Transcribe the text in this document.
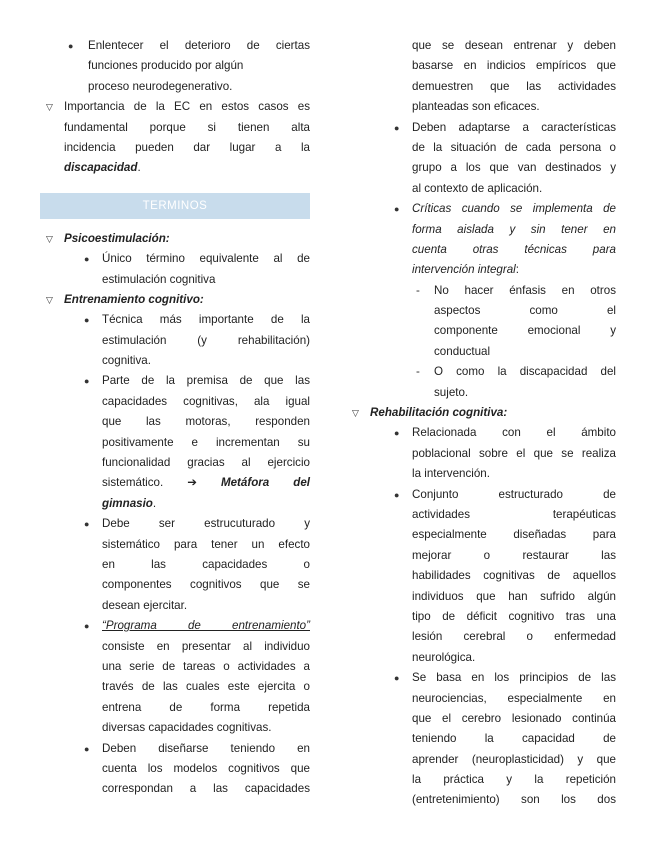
● Enlentecer el deterioro de ciertas
funciones producido por algún
proceso neurodegenerativo.
▽ Importancia de la EC en estos casos es
fundamental porque si tienen alta
incidencia pueden dar lugar a la
discapacidad.
TERMINOS
▽ Psicoestimulación:
● Único término equivalente al de
estimulación cognitiva
▽ Entrenamiento cognitivo:
● Técnica más importante de la
estimulación (y rehabilitación)
cognitiva.
● Parte de la premisa de que las
capacidades cognitivas, ala igual
que las motoras, responden
positivamente e incrementan su
funcionalidad gracias al ejercicio
sistemático. ➔ Metáfora del
gimnasio.
● Debe ser estrucuturado y
sistemático para tener un efecto
en las capacidades o
componentes cognitivos que se
desean ejercitar.
● “Programa de entrenamiento”
consiste en presentar al individuo
una serie de tareas o actividades a
través de las cuales este ejercita o
entrena de forma repetida
diversas capacidades cognitivas.
● Deben diseñarse teniendo en
cuenta los modelos cognitivos que
correspondan a las capacidades
que se desean entrenar y deben
basarse en indicios empíricos que
demuestren que las actividades
planteadas son eficaces.
● Deben adaptarse a características
de la situación de cada persona o
grupo a los que van destinados y
al contexto de aplicación.
● Críticas cuando se implementa de
forma aislada y sin tener en
cuenta otras técnicas para
intervención integral:
- No hacer énfasis en otros
aspectos como el
componente emocional y
conductual
- O como la discapacidad del
sujeto.
▽ Rehabilitación cognitiva:
● Relacionada con el ámbito
poblacional sobre el que se realiza
la intervención.
● Conjunto estructurado de
actividades terapéuticas
especialmente diseñadas para
mejorar o restaurar las
habilidades cognitivas de aquellos
individuos que han sufrido algún
tipo de déficit cognitivo tras una
lesión cerebral o enfermedad
neurológica.
● Se basa en los principios de las
neurociencias, especialmente en
que el cerebro lesionado continúa
teniendo la capacidad de
aprender (neuroplasticidad) y que
la práctica y la repetición
(entretenimiento) son los dos
